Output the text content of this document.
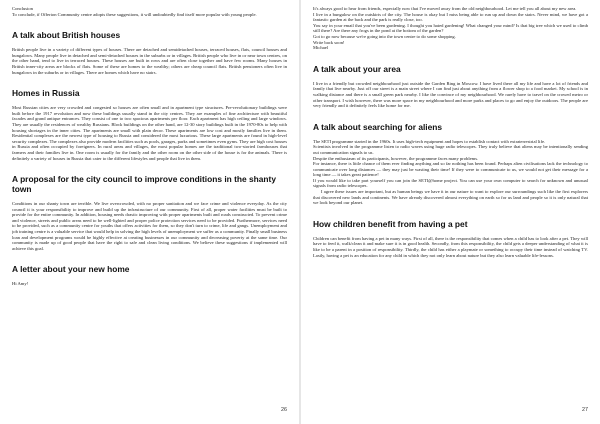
Conclusion

To conclude, if Offerton Community centre adopts these suggestions, it will undoubtedly find itself more popular with young people.

A talk about British houses

British people live in a variety of different types of houses. There are detached and semidetached houses, terraced houses, flats, council houses and bungalows. Many people live in detached and semi-detached houses in the suburbs or in villages. British people who live in or near town centres, on the other hand, tend to live in terraced houses. These houses are built in rows and are often close together and have few rooms. Many houses in British inner-city areas are blocks of flats. Some of these are homes to the wealthy; others are cheap council flats. British pensioners often live in bungalows in the suburbs or in villages. There are homes which have no stairs.

Homes in Russia

Most Russian cities are very crowded and congested so houses are often small and in apartment type structures. Pre-revolutionary buildings were built before the 1917 revolution and now these buildings usually stand in the city centres. They are examples of fine architecture with beautiful facades and grand antique entrances. They consist of one to two spacious apartments per floor. Each apartment has high ceiling and large windows. They are usually the residences of wealthy Russians. Block buildings on the other hand, are 12-30 story buildings built in the 1970-80s to help with housing shortages in the inner cities. The apartments are small with plain decor. These apartments are low cost and mostly families live in them. Residential complexes are the newest type of housing to Russia and considered the most luxurious. These large apartments are found in high-level security complexes. The complexes also provide modern facilities such as pools, garages, parks and sometimes even gyms. They are high cost houses in Russia and often occupied by foreigners. In rural areas and villages, the most popular homes are the traditional two-storied farmhouses that farmers and their families live in. One room is usually for the family and the other room on the other side of the house is for the animals. There is definitely a variety of houses in Russia that cater to the different lifestyles and people that live in them.

A proposal for the city council to improve conditions in the shanty town

Conditions in our shanty town are terrible. We live overcrowded, with no proper sanitation and we face crime and violence everyday. As the city council it is your responsibility to improve and build up the infrastructure of our community. First of all, proper water facilities must be built to provide for the entire community. In addition, housing needs drastic improving with proper apartments built and roads constructed. To prevent crime and violence, streets and public areas need to be well-lighted and proper police protection services need to be provided. Furthermore, services need to be provided, such as a community centre for youths that offers activities for them, so they don't turn to crime, life and gangs. Unemployment and job training centre is a valuable service that would help in solving the high levels of unemployment we suffer as a community. Finally small business loan and development programs would be highly effective at creating businesses in our community and decreasing poverty at the same time. Our community is made up of good people that have the right to safe and clean living conditions. We believe these suggestions if implemented will achieve this goal.

A letter about your new home

Hi Amy!

26

It's always good to hear from friends, especially now that I've moved away from the old neighbourhood. Let me tell you all about my new area.

I live in a bungalow on the outskirts of the city. The house is okay but I miss being able to run up and down the stairs. Never mind, we have got a fantastic garden at the back and the park is really close, too.

You say in your email that you've been gardening. I thought you hated gardening! What changed your mind? Is that big tree which we used to climb still there? Are there any frogs in the pond at the bottom of the garden?

Got to go now because we're going into the town centre to do some shopping.

Write back soon!

Michael

A talk about your area

I live in a friendly but crowded neighbourhood just outside the Garden Ring in Moscow. I have lived there all my life and have a lot of friends and family that live nearby. Just off our street is a main street where I can find just about anything from a flower shop to a food market. My school is in walking distance and there is a small green park nearby. I like the convince of my neighbourhood. We rarely have to travel on the crowed metro or other transport. I wish however, there was more space in my neighbourhood and more parks and places to go and enjoy the outdoors. The people are very friendly and it definitely feels like home for me.

A talk about searching for aliens

The SETI programme started in the 1960s. It uses high-tech equipment and hopes to establish contact with extraterrestrial life.

Scientists involved in the programme listen to radio waves using huge radio telescopes. They truly believe that aliens may be intentionally sending out communication signals to us.

Despite the enthusiasm of its participants, however, the programme faces many problems.

For instance, there is little chance of them ever finding anything and so far nothing has been found. Perhaps alien civilisations lack the technology to communicate over long distances — they may just be wasting their time! If they were to communicate to us, we would not get their message for a long time — it takes great patience!

If you would like to take part yourself you can join the SETI@home project. You can use your own computer to search for unknown and unusual signals from radio telescopes.

I agree these issues are important, but as human beings we have it in our nature to want to explore our surroundings such like the first explorers that discovered new lands and continents. We have already discovered almost everything on earth so for us land and people so it is only natural that we look beyond our planet.

How children benefit from having a pet

Children can benefit from having a pet in many ways. First of all, there is the responsibility that comes when a child has to look after a pet. They will have to feed it, walk/clean it and make sure it is in good health. Secondly, from this responsibility, the child gets a deeper understanding of what it is like to be a parent in a position of responsibility. Thirdly, the child has either a playmate or something to occupy their time instead of watching TV. Lastly, having a pet is an education for any child in which they not only learn about nature but they also learn valuable life-lessons.

27
